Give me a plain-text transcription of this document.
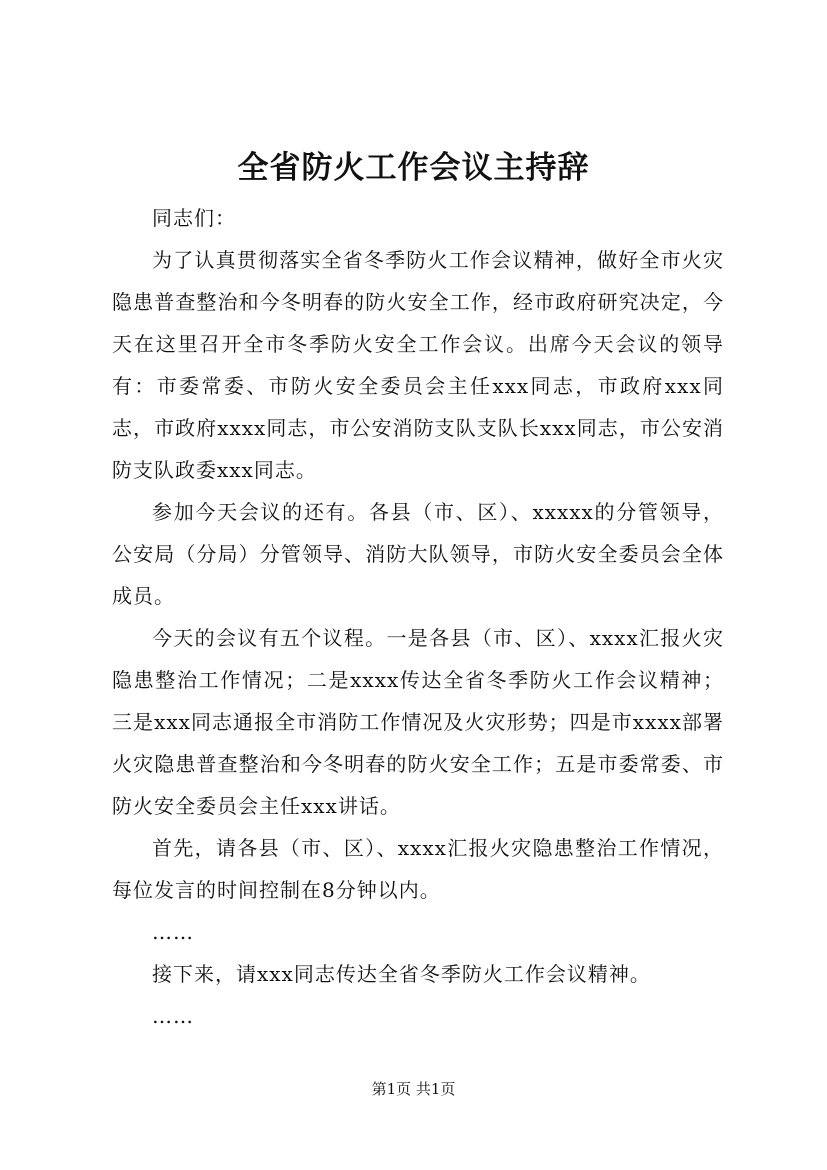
全省防火工作会议主持辞

同志们：

为了认真贯彻落实全省冬季防火工作会议精神，做好全市火灾隐患普查整治和今冬明春的防火安全工作，经市政府研究决定，今天在这里召开全市冬季防火安全工作会议。出席今天会议的领导有：市委常委、市防火安全委员会主任xxx同志，市政府xxx同志，市政府xxxx同志，市公安消防支队支队长xxx同志，市公安消防支队政委xxx同志。

参加今天会议的还有。各县（市、区）、xxxxx的分管领导，公安局（分局）分管领导、消防大队领导，市防火安全委员会全体成员。

今天的会议有五个议程。一是各县（市、区）、xxxx汇报火灾隐患整治工作情况；二是xxxx传达全省冬季防火工作会议精神；三是xxx同志通报全市消防工作情况及火灾形势；四是市xxxx部署火灾隐患普查整治和今冬明春的防火安全工作；五是市委常委、市防火安全委员会主任xxx讲话。

首先，请各县（市、区）、xxxx汇报火灾隐患整治工作情况，每位发言的时间控制在8分钟以内。

……

接下来，请xxx同志传达全省冬季防火工作会议精神。

……

第1页 共1页
